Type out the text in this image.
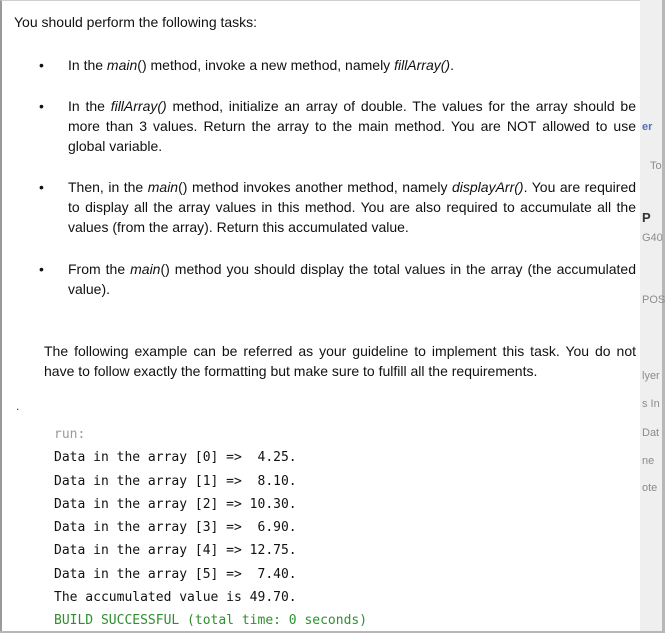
You should perform the following tasks:
• In the main() method, invoke a new method, namely fillArray().
• In the fillArray() method, initialize an array of double. The values for the array should be more than 3 values. Return the array to the main method. You are NOT allowed to use global variable.
• Then, in the main() method invokes another method, namely displayArr(). You are required to display all the array values in this method. You are also required to accumulate all the values (from the array). Return this accumulated value.
• From the main() method you should display the total values in the array (the accumulated value).
The following example can be referred as your guideline to implement this task. You do not have to follow exactly the formatting but make sure to fulfill all the requirements.
.
run:
Data in the array [0] =>  4.25.
Data in the array [1] =>  8.10.
Data in the array [2] => 10.30.
Data in the array [3] =>  6.90.
Data in the array [4] => 12.75.
Data in the array [5] =>  7.40.
The accumulated value is 49.70.
BUILD SUCCESSFUL (total time: 0 seconds)
er
To
P
G40
POS
lyer
s In
Dat
ne
ote
